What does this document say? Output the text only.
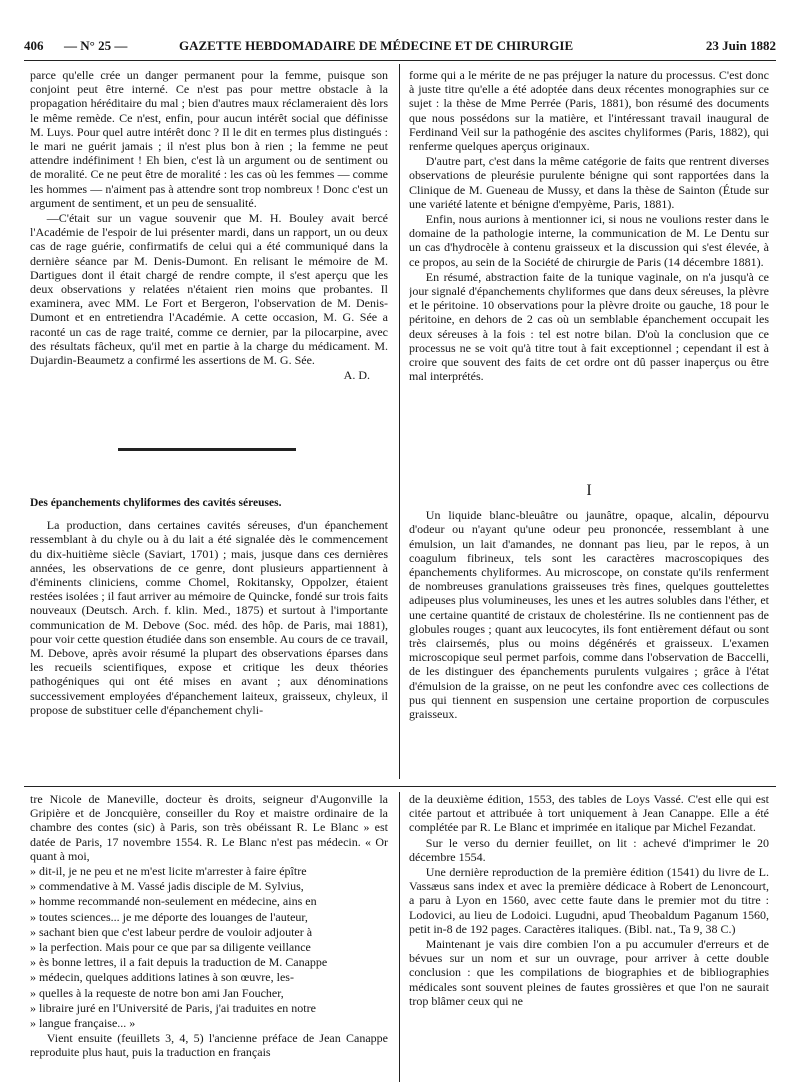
406 — N° 25 —	GAZETTE HEBDOMADAIRE DE MÉDECINE ET DE CHIRURGIE	23 Juin 1882

parce qu'elle crée un danger permanent pour la femme, puisque son conjoint peut être interné. Ce n'est pas pour mettre obstacle à la propagation héréditaire du mal ; bien d'autres maux réclameraient dès lors le même remède. Ce n'est, enfin, pour aucun intérêt social que définisse M. Luys. Pour quel autre intérêt donc ? Il le dit en termes plus distingués : le mari ne guérit jamais ; il n'est plus bon à rien ; la femme ne peut attendre indéfiniment ! Eh bien, c'est là un argument ou de sentiment ou de moralité. Ce ne peut être de moralité : les cas où les femmes — comme les hommes — n'aiment pas à attendre sont trop nombreux ! Donc c'est un argument de sentiment, et un peu de sensualité.

—C'était sur un vague souvenir que M. H. Bouley avait bercé l'Académie de l'espoir de lui présenter mardi, dans un rapport, un ou deux cas de rage guérie, confirmatifs de celui qui a été communiqué dans la dernière séance par M. Denis-Dumont. En relisant le mémoire de M. Dartigues dont il était chargé de rendre compte, il s'est aperçu que les deux observations y relatées n'étaient rien moins que probantes. Il examinera, avec MM. Le Fort et Bergeron, l'observation de M. Denis-Dumont et en entretiendra l'Académie. A cette occasion, M. G. Sée a raconté un cas de rage traité, comme ce dernier, par la pilocarpine, avec des résultats fâcheux, qu'il met en partie à la charge du médicament. M. Dujardin-Beaumetz a confirmé les assertions de M. G. Sée.

A. D.

Des épanchements chyliformes des cavités séreuses.

La production, dans certaines cavités séreuses, d'un épanchement ressemblant à du chyle ou à du lait a été signalée dès le commencement du dix-huitième siècle (Saviart, 1701) ; mais, jusque dans ces dernières années, les observations de ce genre, dont plusieurs appartiennent à d'éminents cliniciens, comme Chomel, Rokitansky, Oppolzer, étaient restées isolées ; il faut arriver au mémoire de Quincke, fondé sur trois faits nouveaux (Deutsch. Arch. f. klin. Med., 1875) et surtout à l'importante communication de M. Debove (Soc. méd. des hôp. de Paris, mai 1881), pour voir cette question étudiée dans son ensemble. Au cours de ce travail, M. Debove, après avoir résumé la plupart des observations éparses dans les recueils scientifiques, expose et critique les deux théories pathogéniques qui ont été mises en avant ; aux dénominations successivement employées d'épanchement laiteux, graisseux, chyleux, il propose de substituer celle d'épanchement chyli-

forme qui a le mérite de ne pas préjuger la nature du processus. C'est donc à juste titre qu'elle a été adoptée dans deux récentes monographies sur ce sujet : la thèse de Mme Perrée (Paris, 1881), bon résumé des documents que nous possédons sur la matière, et l'intéressant travail inaugural de Ferdinand Veil sur la pathogénie des ascites chyliformes (Paris, 1882), qui renferme quelques aperçus originaux.

D'autre part, c'est dans la même catégorie de faits que rentrent diverses observations de pleurésie purulente bénigne qui sont rapportées dans la Clinique de M. Gueneau de Mussy, et dans la thèse de Sainton (Étude sur une variété latente et bénigne d'empyème, Paris, 1881).

Enfin, nous aurions à mentionner ici, si nous ne voulions rester dans le domaine de la pathologie interne, la communication de M. Le Dentu sur un cas d'hydrocèle à contenu graisseux et la discussion qui s'est élevée, à ce propos, au sein de la Société de chirurgie de Paris (14 décembre 1881).

En résumé, abstraction faite de la tunique vaginale, on n'a jusqu'à ce jour signalé d'épanchements chyliformes que dans deux séreuses, la plèvre et le péritoine. 10 observations pour la plèvre droite ou gauche, 18 pour le péritoine, en dehors de 2 cas où un semblable épanchement occupait les deux séreuses à la fois : tel est notre bilan. D'où la conclusion que ce processus ne se voit qu'à titre tout à fait exceptionnel ; cependant il est à croire que souvent des faits de cet ordre ont dû passer inaperçus ou être mal interprétés.

I

Un liquide blanc-bleuâtre ou jaunâtre, opaque, alcalin, dépourvu d'odeur ou n'ayant qu'une odeur peu prononcée, ressemblant à une émulsion, un lait d'amandes, ne donnant pas lieu, par le repos, à un coagulum fibrineux, tels sont les caractères macroscopiques des épanchements chyliformes. Au microscope, on constate qu'ils renferment de nombreuses granulations graisseuses très fines, quelques gouttelettes adipeuses plus volumineuses, les unes et les autres solubles dans l'éther, et une certaine quantité de cristaux de cholestérine. Ils ne contiennent pas de globules rouges ; quant aux leucocytes, ils font entièrement défaut ou sont très clairsemés, plus ou moins dégénérés et graisseux. L'examen microscopique seul permet parfois, comme dans l'observation de Baccelli, de les distinguer des épanchements purulents vulgaires ; grâce à l'état d'émulsion de la graisse, on ne peut les confondre avec ces collections de pus qui tiennent en suspension une certaine proportion de corpuscules graisseux.

tre Nicole de Maneville, docteur ès droits, seigneur d'Augonville la Gripière et de Joncquière, conseiller du Roy et maistre ordinaire de la chambre des contes (sic) à Paris, son très obéissant R. Le Blanc » est datée de Paris, 17 novembre 1554. R. Le Blanc n'est pas médecin. « Or quant à moi,

» dit-il, je ne peu et ne m'est licite m'arrester à faire épître

» commendative à M. Vassé jadis disciple de M. Sylvius,

» homme recommandé non-seulement en médecine, ains en

» toutes sciences... je me déporte des louanges de l'auteur,

» sachant bien que c'est labeur perdre de vouloir adjouter à

» la perfection. Mais pour ce que par sa diligente veillance

» ès bonne lettres, il a fait depuis la traduction de M. Canappe

» médecin, quelques additions latines à son œuvre, les-

» quelles à la requeste de notre bon ami Jan Foucher,

» libraire juré en l'Université de Paris, j'ai traduites en notre

» langue française... »

Vient ensuite (feuillets 3, 4, 5) l'ancienne préface de Jean Canappe reproduite plus haut, puis la traduction en français

de la deuxième édition, 1553, des tables de Loys Vassé. C'est elle qui est citée partout et attribuée à tort uniquement à Jean Canappe. Elle a été complétée par R. Le Blanc et imprimée en italique par Michel Fezandat.

Sur le verso du dernier feuillet, on lit : achevé d'imprimer le 20 décembre 1554.

Une dernière reproduction de la première édition (1541) du livre de L. Vassæus sans index et avec la première dédicace à Robert de Lenoncourt, a paru à Lyon en 1560, avec cette faute dans le premier mot du titre : Lodovici, au lieu de Lodoici. Lugudni, apud Theobaldum Paganum 1560, petit in-8 de 192 pages. Caractères italiques. (Bibl. nat., Ta 9, 38 C.)

Maintenant je vais dire combien l'on a pu accumuler d'erreurs et de bévues sur un nom et sur un ouvrage, pour arriver à cette double conclusion : que les compilations de biographies et de bibliographies médicales sont souvent pleines de fautes grossières et que l'on ne saurait trop blâmer ceux qui ne
